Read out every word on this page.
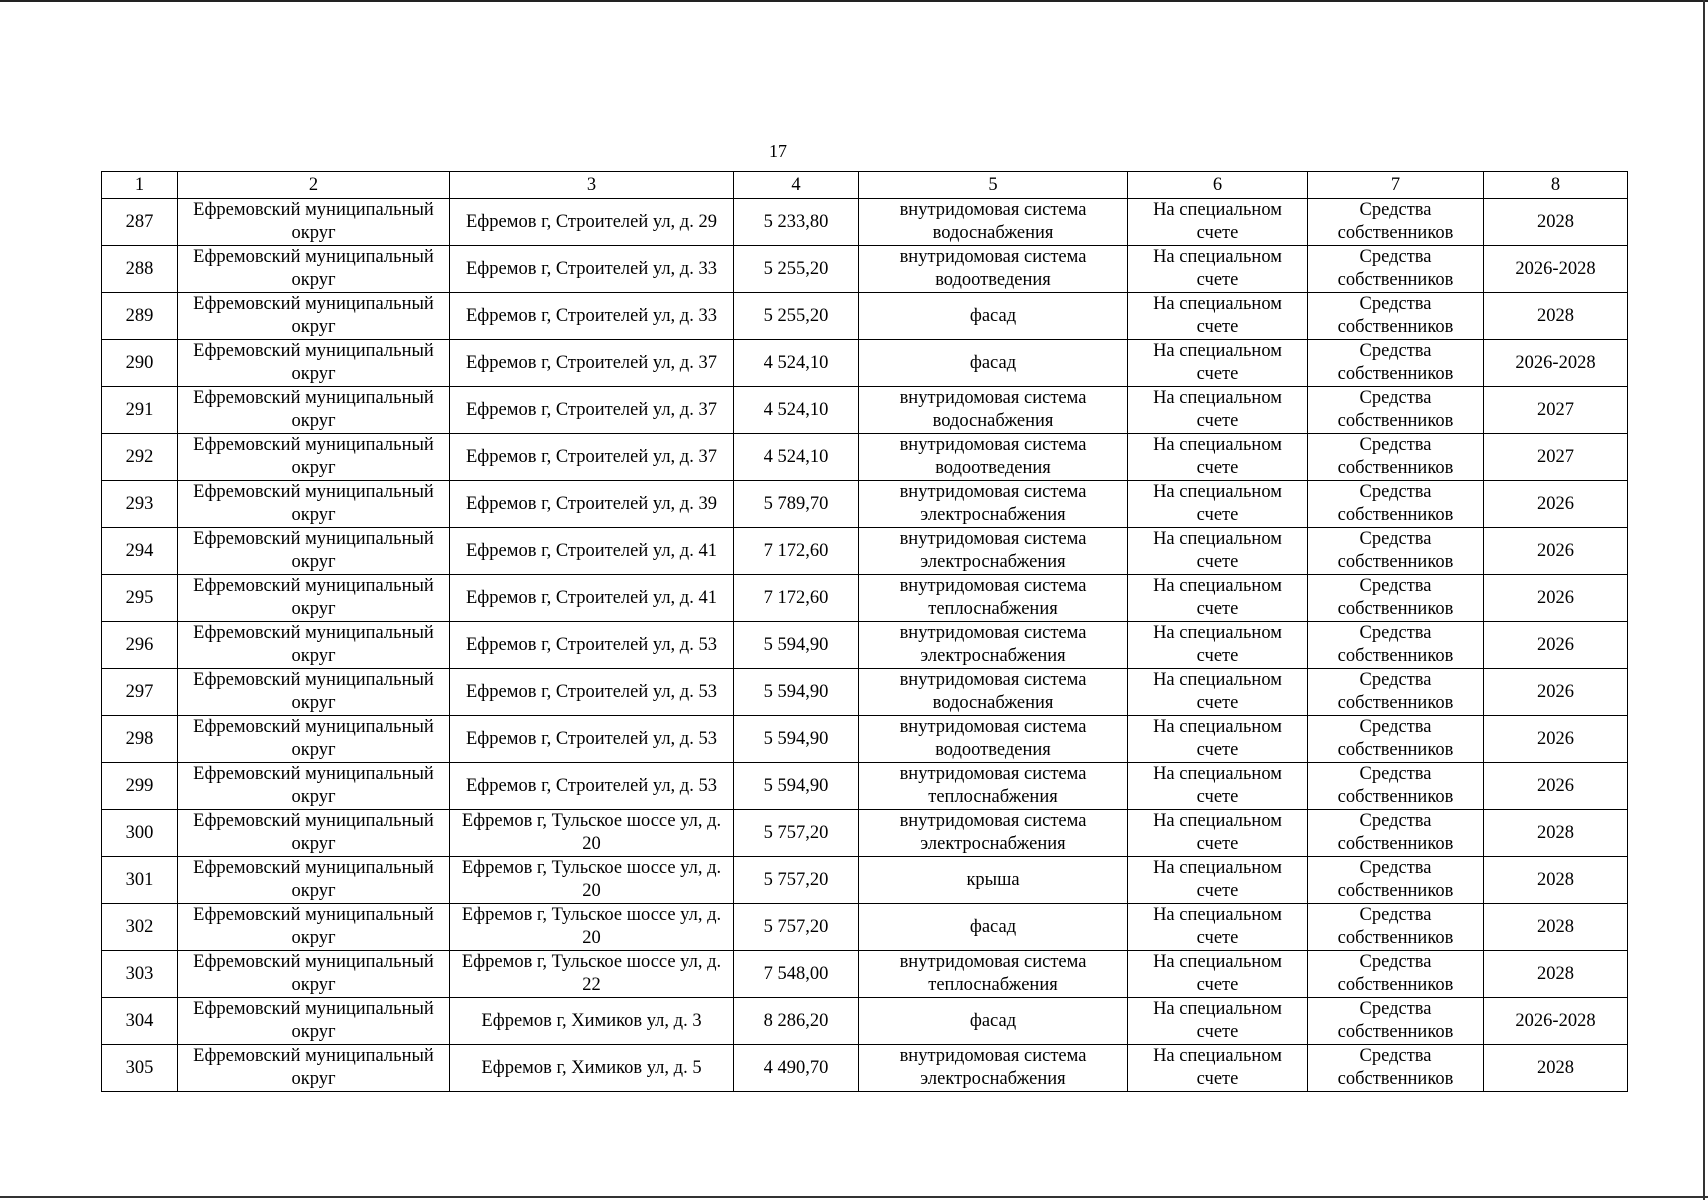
17
1	2	3	4	5	6	7	8
287	Ефремовский муниципальный округ	Ефремов г, Строителей ул, д. 29	5 233,80	внутридомовая система водоснабжения	На специальном счете	Средства собственников	2028
288	Ефремовский муниципальный округ	Ефремов г, Строителей ул, д. 33	5 255,20	внутридомовая система водоотведения	На специальном счете	Средства собственников	2026-2028
289	Ефремовский муниципальный округ	Ефремов г, Строителей ул, д. 33	5 255,20	фасад	На специальном счете	Средства собственников	2028
290	Ефремовский муниципальный округ	Ефремов г, Строителей ул, д. 37	4 524,10	фасад	На специальном счете	Средства собственников	2026-2028
291	Ефремовский муниципальный округ	Ефремов г, Строителей ул, д. 37	4 524,10	внутридомовая система водоснабжения	На специальном счете	Средства собственников	2027
292	Ефремовский муниципальный округ	Ефремов г, Строителей ул, д. 37	4 524,10	внутридомовая система водоотведения	На специальном счете	Средства собственников	2027
293	Ефремовский муниципальный округ	Ефремов г, Строителей ул, д. 39	5 789,70	внутридомовая система электроснабжения	На специальном счете	Средства собственников	2026
294	Ефремовский муниципальный округ	Ефремов г, Строителей ул, д. 41	7 172,60	внутридомовая система электроснабжения	На специальном счете	Средства собственников	2026
295	Ефремовский муниципальный округ	Ефремов г, Строителей ул, д. 41	7 172,60	внутридомовая система теплоснабжения	На специальном счете	Средства собственников	2026
296	Ефремовский муниципальный округ	Ефремов г, Строителей ул, д. 53	5 594,90	внутридомовая система электроснабжения	На специальном счете	Средства собственников	2026
297	Ефремовский муниципальный округ	Ефремов г, Строителей ул, д. 53	5 594,90	внутридомовая система водоснабжения	На специальном счете	Средства собственников	2026
298	Ефремовский муниципальный округ	Ефремов г, Строителей ул, д. 53	5 594,90	внутридомовая система водоотведения	На специальном счете	Средства собственников	2026
299	Ефремовский муниципальный округ	Ефремов г, Строителей ул, д. 53	5 594,90	внутридомовая система теплоснабжения	На специальном счете	Средства собственников	2026
300	Ефремовский муниципальный округ	Ефремов г, Тульское шоссе ул, д. 20	5 757,20	внутридомовая система электроснабжения	На специальном счете	Средства собственников	2028
301	Ефремовский муниципальный округ	Ефремов г, Тульское шоссе ул, д. 20	5 757,20	крыша	На специальном счете	Средства собственников	2028
302	Ефремовский муниципальный округ	Ефремов г, Тульское шоссе ул, д. 20	5 757,20	фасад	На специальном счете	Средства собственников	2028
303	Ефремовский муниципальный округ	Ефремов г, Тульское шоссе ул, д. 22	7 548,00	внутридомовая система теплоснабжения	На специальном счете	Средства собственников	2028
304	Ефремовский муниципальный округ	Ефремов г, Химиков ул, д. 3	8 286,20	фасад	На специальном счете	Средства собственников	2026-2028
305	Ефремовский муниципальный округ	Ефремов г, Химиков ул, д. 5	4 490,70	внутридомовая система электроснабжения	На специальном счете	Средства собственников	2028
